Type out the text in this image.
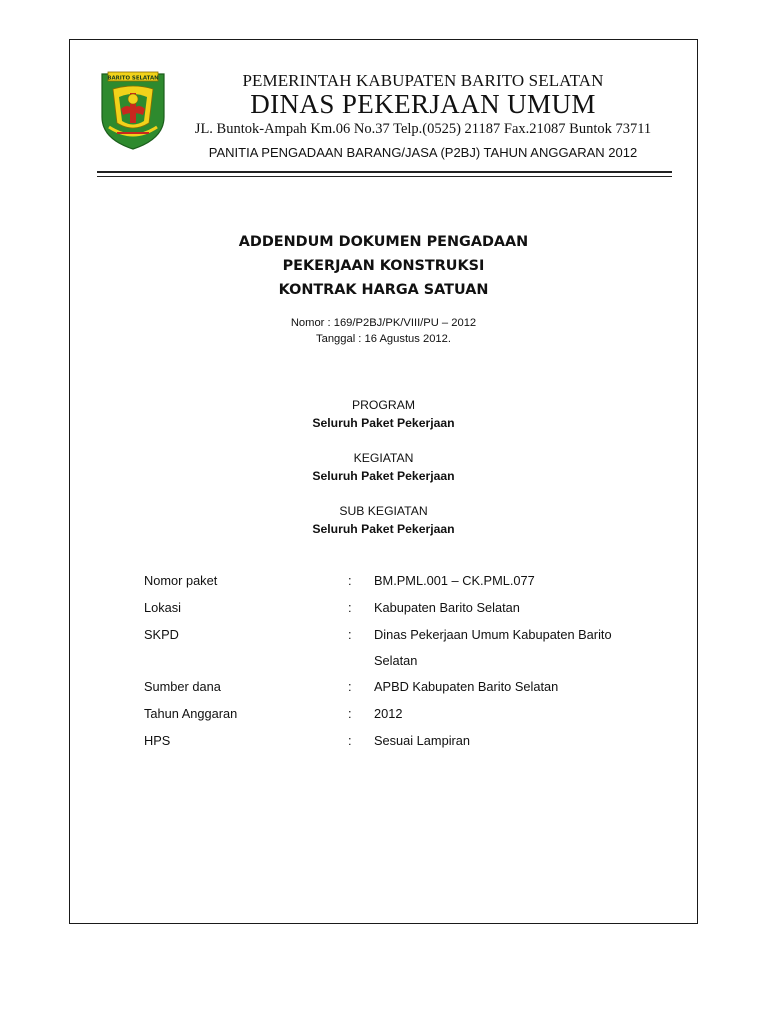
BARITO SELATAN	PEMERINTAH KABUPATEN BARITO SELATAN
DINAS PEKERJAAN UMUM
JL. Buntok-Ampah Km.06 No.37 Telp.(0525) 21187 Fax.21087 Buntok 73711
PANITIA PENGADAAN BARANG/JASA (P2BJ) TAHUN ANGGARAN 2012
ADDENDUM DOKUMEN PENGADAAN
PEKERJAAN KONSTRUKSI
KONTRAK HARGA SATUAN
Nomor : 169/P2BJ/PK/VIII/PU – 2012
Tanggal : 16 Agustus 2012.
PROGRAM
Seluruh Paket Pekerjaan
KEGIATAN
Seluruh Paket Pekerjaan
SUB KEGIATAN
Seluruh Paket Pekerjaan
Nomor paket	: BM.PML.001 – CK.PML.077
Lokasi	: Kabupaten Barito Selatan
SKPD	: Dinas Pekerjaan Umum Kabupaten Barito
Selatan
Sumber dana	: APBD Kabupaten Barito Selatan
Tahun Anggaran	: 2012
HPS	: Sesuai Lampiran
